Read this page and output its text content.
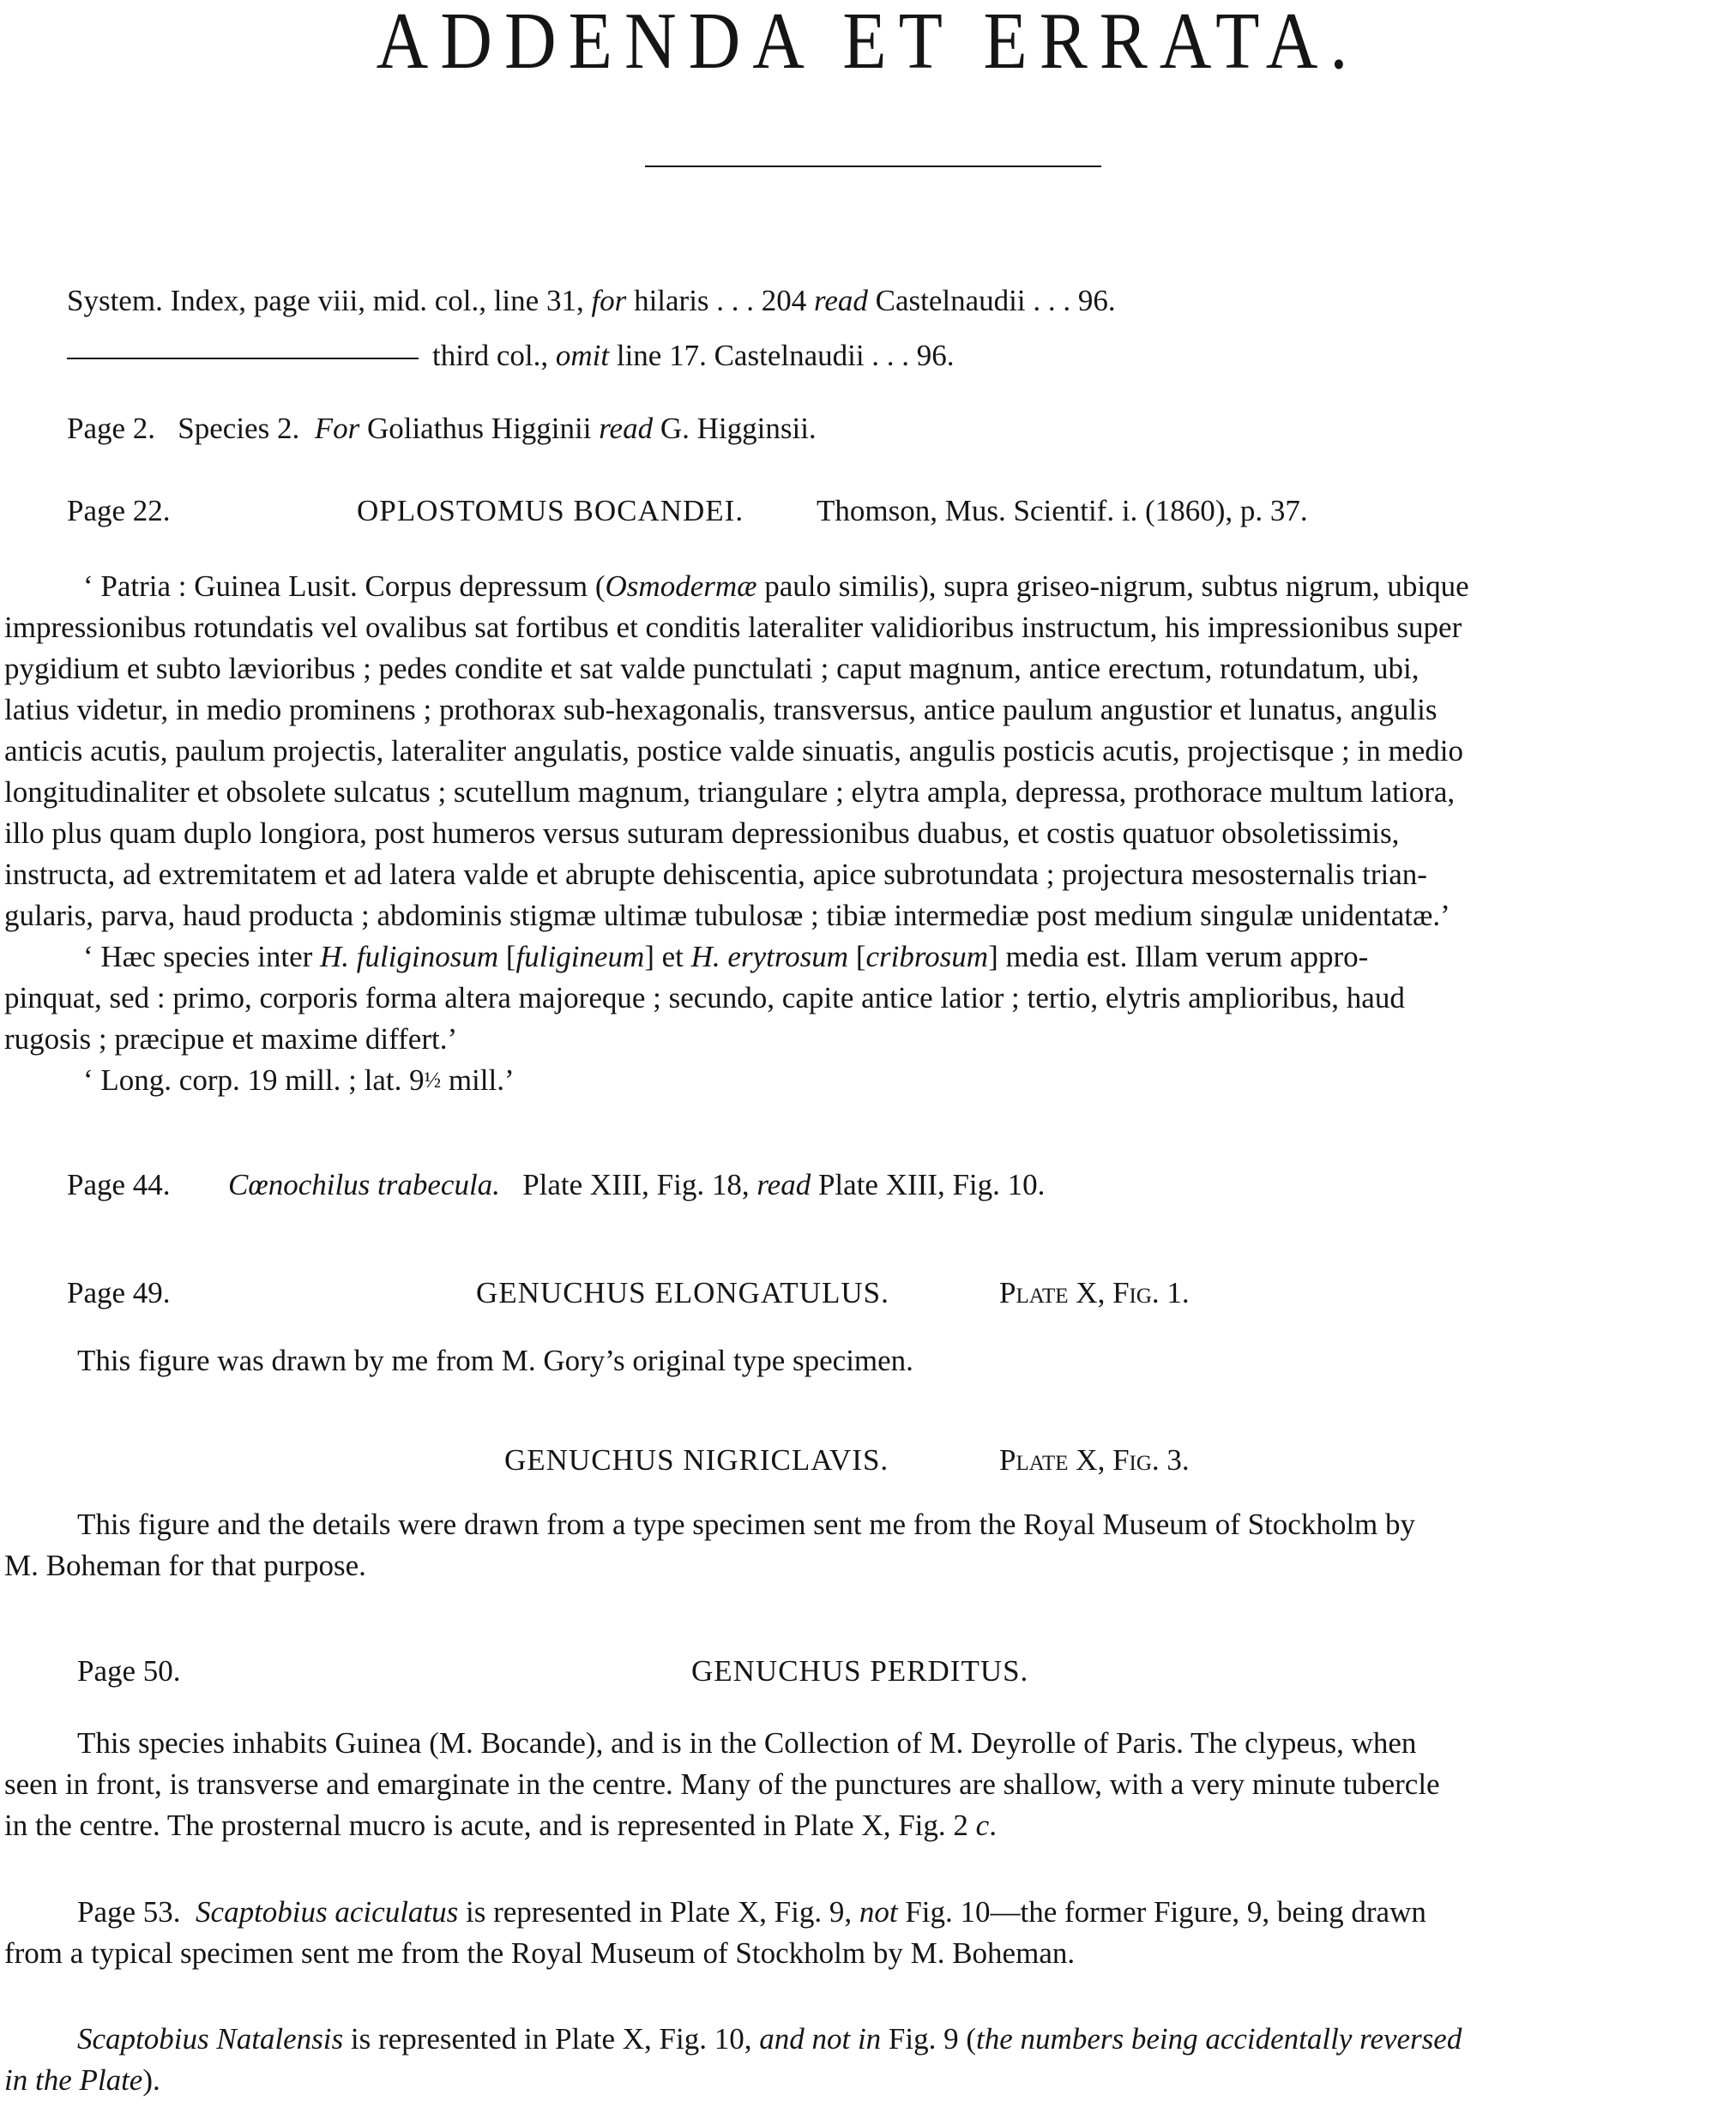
ADDENDA ET ERRATA.

System. Index, page viii, mid. col., line 31, for hilaris . . . 204 read Castelnaudii . . . 96.

third col., omit line 17. Castelnaudii . . . 96.

Page 2.   Species 2.  For Goliathus Higginii read G. Higginsii.

Page 22.	OPLOSTOMUS BOCANDEI. Thomson, Mus. Scientif. i. (1860), p. 37.

‘ Patria : Guinea Lusit. Corpus depressum (Osmodermæ paulo similis), supra griseo-nigrum, subtus nigrum, ubique
impressionibus rotundatis vel ovalibus sat fortibus et conditis lateraliter validioribus instructum, his impressionibus super
pygidium et subto lævioribus ; pedes condite et sat valde punctulati ; caput magnum, antice erectum, rotundatum, ubi,
latius videtur, in medio prominens ; prothorax sub-hexagonalis, transversus, antice paulum angustior et lunatus, angulis
anticis acutis, paulum projectis, lateraliter angulatis, postice valde sinuatis, angulis posticis acutis, projectisque ; in medio
longitudinaliter et obsolete sulcatus ; scutellum magnum, triangulare ; elytra ampla, depressa, prothorace multum latiora,
illo plus quam duplo longiora, post humeros versus suturam depressionibus duabus, et costis quatuor obsoletissimis,
instructa, ad extremitatem et ad latera valde et abrupte dehiscentia, apice subrotundata ; projectura mesosternalis trian-
gularis, parva, haud producta ; abdominis stigmæ ultimæ tubulosæ ; tibiæ intermediæ post medium singulæ unidentatæ.’
‘ Hæc species inter H. fuliginosum [fuligineum] et H. erytrosum [cribrosum] media est. Illam verum appro-
pinquat, sed : primo, corporis forma altera majoreque ; secundo, capite antice latior ; tertio, elytris amplioribus, haud
rugosis ; præcipue et maxime differt.’
‘ Long. corp. 19 mill. ; lat. 9½ mill.’

Page 44. Cœnochilus trabecula. Plate XIII, Fig. 18, read Plate XIII, Fig. 10.

Page 49.	GENUCHUS ELONGATULUS.	Plate X, Fig. 1.

This figure was drawn by me from M. Gory’s original type specimen.

GENUCHUS NIGRICLAVIS.	Plate X, Fig. 3.

This figure and the details were drawn from a type specimen sent me from the Royal Museum of Stockholm by
M. Boheman for that purpose.

Page 50.	GENUCHUS PERDITUS.

This species inhabits Guinea (M. Bocande), and is in the Collection of M. Deyrolle of Paris. The clypeus, when
seen in front, is transverse and emarginate in the centre. Many of the punctures are shallow, with a very minute tubercle
in the centre. The prosternal mucro is acute, and is represented in Plate X, Fig. 2 c.
Page 53.  Scaptobius aciculatus is represented in Plate X, Fig. 9, not Fig. 10—the former Figure, 9, being drawn
from a typical specimen sent me from the Royal Museum of Stockholm by M. Boheman.
Scaptobius Natalensis is represented in Plate X, Fig. 10, and not in Fig. 9 (the numbers being accidentally reversed
in the Plate).
